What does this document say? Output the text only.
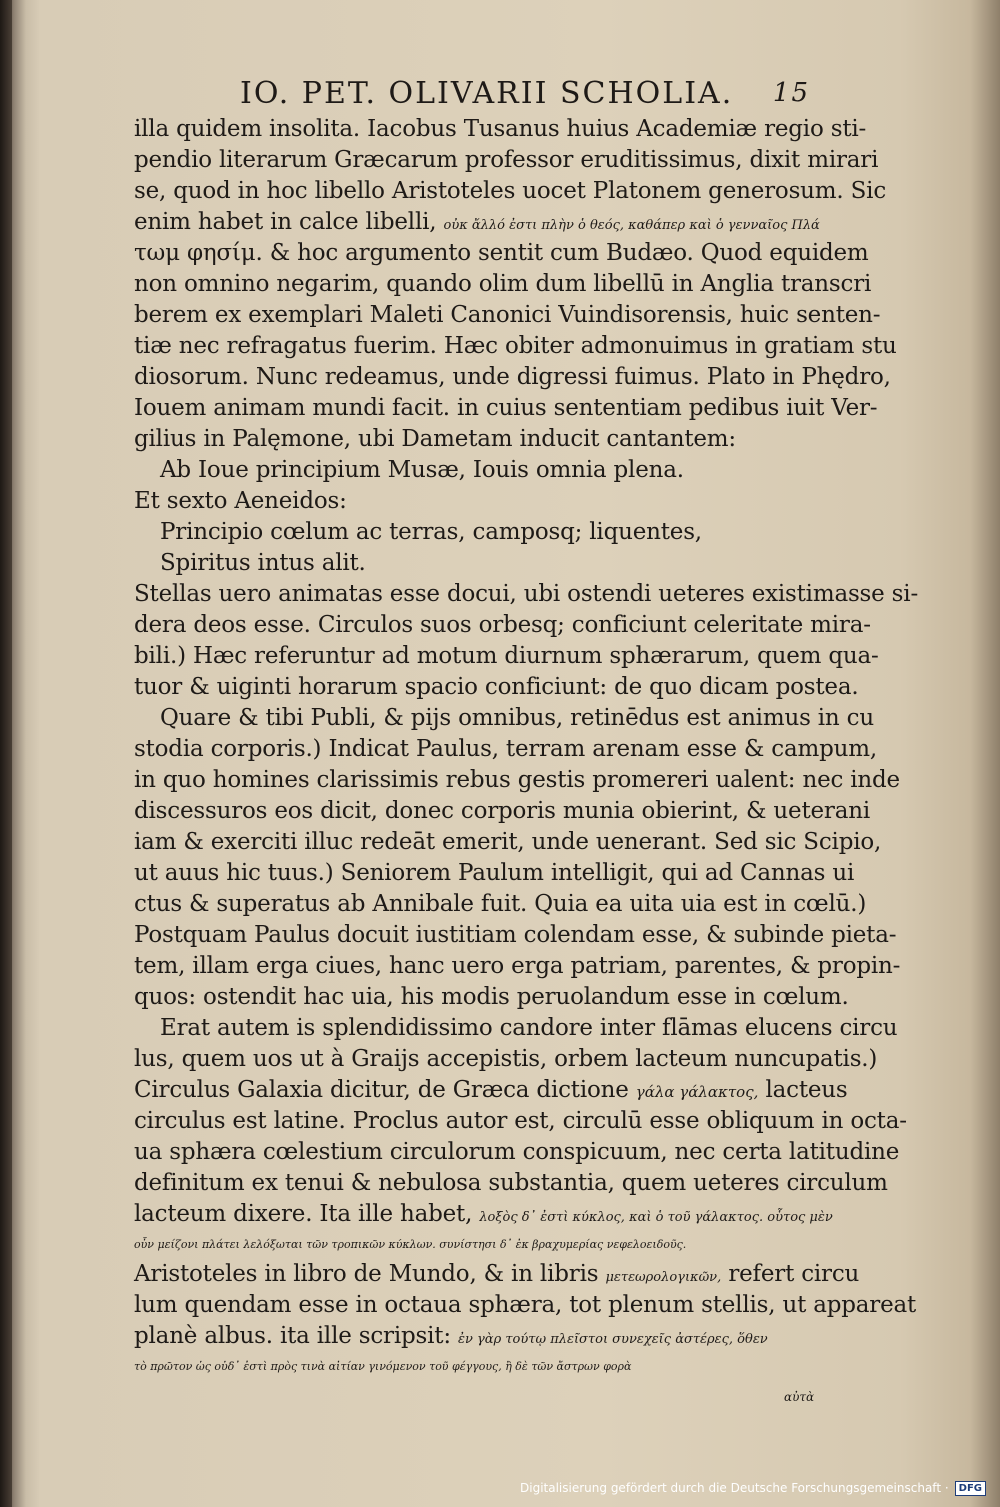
IO. PET. OLIVARII SCHOLIA. 15
illa quidem insolita. Iacobus Tusanus huius Academiæ regio sti-
pendio literarum Græcarum professor eruditissimus, dixit mirari
se, quod in hoc libello Aristoteles uocet Platonem generosum. Sic
enim habet in calce libelli, οὐκ ἄλλό ἐστι πλὴν ὁ θεός, καθάπερ καὶ ὁ γενναῖος Πλά
τωμ φησίμ. & hoc argumento sentit cum Budæo. Quod equidem
non omnino negarim, quando olim dum libellū in Anglia transcri
berem ex exemplari Maleti Canonici Vuindisorensis, huic senten-
tiæ nec refragatus fuerim. Hæc obiter admonuimus in gratiam stu
diosorum. Nunc redeamus, unde digressi fuimus. Plato in Phędro,
Iouem animam mundi facit. in cuius sententiam pedibus iuit Ver-
gilius in Palęmone, ubi Dametam inducit cantantem:
Ab Ioue principium Musæ, Iouis omnia plena.
Et sexto Aeneidos:
Principio cœlum ac terras, camposq; liquentes,
Spiritus intus alit.
Stellas uero animatas esse docui, ubi ostendi ueteres existimasse si-
dera deos esse. Circulos suos orbesq; conficiunt celeritate mira-
bili.) Hæc referuntur ad motum diurnum sphærarum, quem qua-
tuor & uiginti horarum spacio conficiunt: de quo dicam postea.
Quare & tibi Publi, & pijs omnibus, retinēdus est animus in cu
stodia corporis.) Indicat Paulus, terram arenam esse & campum,
in quo homines clarissimis rebus gestis promereri ualent: nec inde
discessuros eos dicit, donec corporis munia obierint, & ueterani
iam & exerciti illuc redeāt emerit, unde uenerant. Sed sic Scipio,
ut auus hic tuus.) Seniorem Paulum intelligit, qui ad Cannas ui
ctus & superatus ab Annibale fuit. Quia ea uita uia est in cœlū.)
Postquam Paulus docuit iustitiam colendam esse, & subinde pieta-
tem, illam erga ciues, hanc uero erga patriam, parentes, & propin-
quos: ostendit hac uia, his modis peruolandum esse in cœlum.
Erat autem is splendidissimo candore inter flāmas elucens circu
lus, quem uos ut à Graijs accepistis, orbem lacteum nuncupatis.)
Circulus Galaxia dicitur, de Græca dictione γάλα γάλακτος, lacteus
circulus est latine. Proclus autor est, circulū esse obliquum in octa-
ua sphæra cœlestium circulorum conspicuum, nec certa latitudine
definitum ex tenui & nebulosa substantia, quem ueteres circulum
lacteum dixere. Ita ille habet, λοξὸς δ᾿ ἐστὶ κύκλος, καὶ ὁ τοῦ γάλακτος. οὗτος μὲν
οὖν μείζονι πλάτει λελόξωται τῶν τροπικῶν κύκλων. συνίστησι δ᾿ ἐκ βραχυμερίας νεφελοειδοῦς.
Aristoteles in libro de Mundo, & in libris μετεωρολογικῶν, refert circu
lum quendam esse in octaua sphæra, tot plenum stellis, ut appareat
planè albus. ita ille scripsit: ἐν γὰρ τούτῳ πλεῖστοι συνεχεῖς ἀστέρες, ὅθεν
τὸ πρῶτον ὡς οὐδ᾿ ἐστὶ πρὸς τινὰ αἰτίαν γινόμενον τοῦ φέγγους, ἢ δὲ τῶν ἄστρων φορὰ
αὐτὰ
Digitalisierung gefördert durch die Deutsche Forschungsgemeinschaft ·	DFG
